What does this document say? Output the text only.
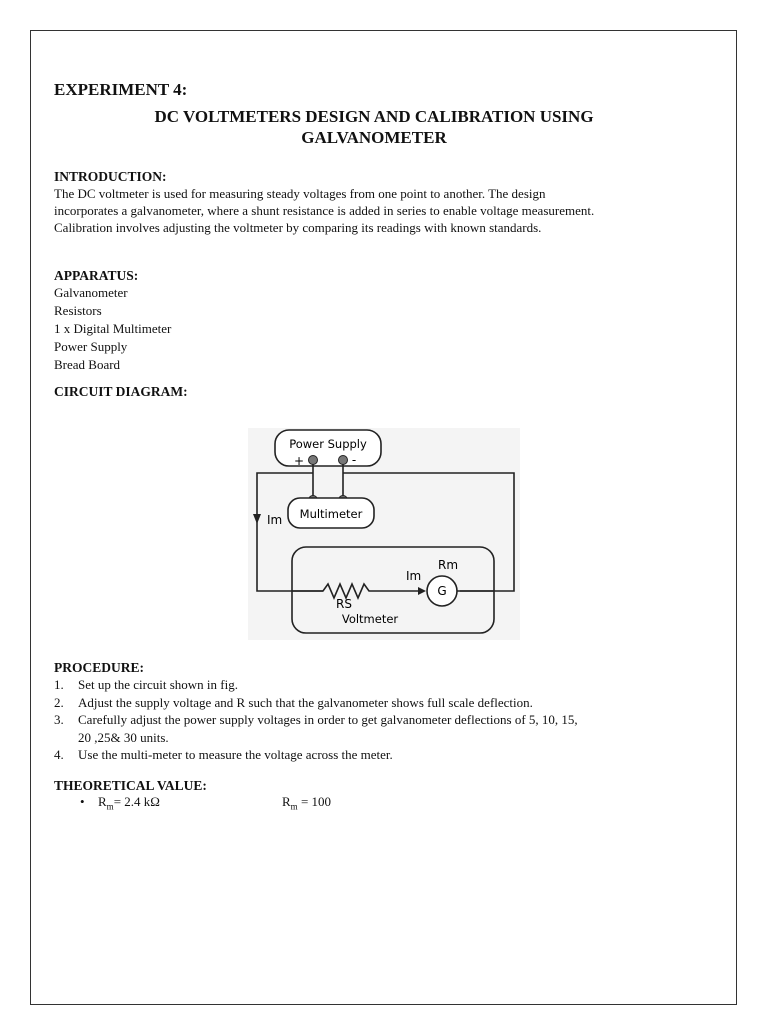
EXPERIMENT 4:

DC VOLTMETERS DESIGN AND CALIBRATION USING
GALVANOMETER

INTRODUCTION:

The DC voltmeter is used for measuring steady voltages from one point to another. The design
incorporates a galvanometer, where a shunt resistance is added in series to enable voltage measurement.
Calibration involves adjusting the voltmeter by comparing its readings with known standards.

APPARATUS:

Galvanometer
Resistors
1 x Digital Multimeter
Power Supply
Bread Board

CIRCUIT DIAGRAM:

Power Supply
+	-
Multimeter
Im
Voltmeter
RS
Im
G
Rm

PROCEDURE:

1. Set up the circuit shown in fig.
2. Adjust the supply voltage and R such that the galvanometer shows full scale deflection.
3. Carefully adjust the power supply voltages in order to get galvanometer deflections of 5, 10, 15,
20 ,25& 30 units.
4. Use the multi-meter to measure the voltage across the meter.

THEORETICAL VALUE:

• $R_m= 2.4$ kΩ	$R_m = 100$
